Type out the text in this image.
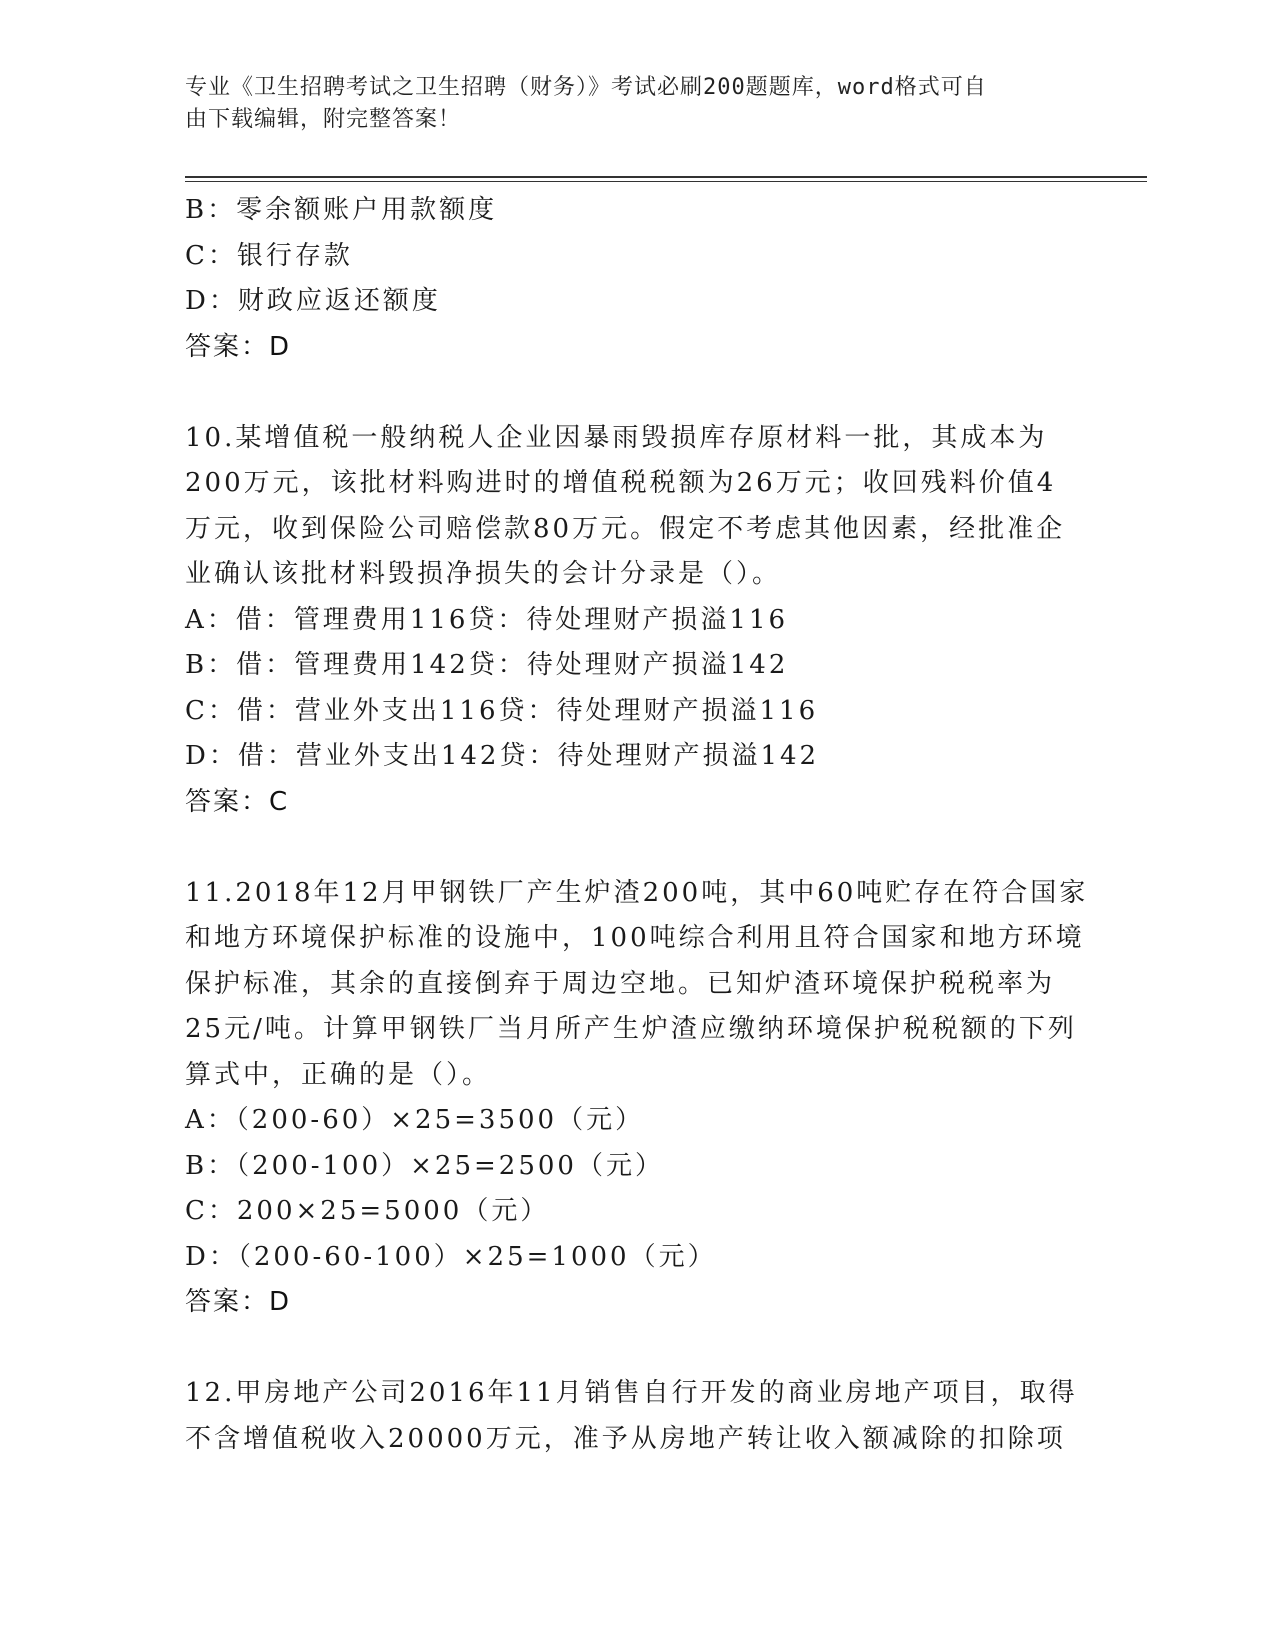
专业《卫生招聘考试之卫生招聘（财务）》考试必刷200题题库，word格式可自
由下载编辑，附完整答案！
B：零余额账户用款额度
C：银行存款
D：财政应返还额度
答案：D
10.某增值税一般纳税人企业因暴雨毁损库存原材料一批，其成本为
200万元，该批材料购进时的增值税税额为26万元；收回残料价值4
万元，收到保险公司赔偿款80万元。假定不考虑其他因素，经批准企
业确认该批材料毁损净损失的会计分录是（）。
A：借：管理费用116贷：待处理财产损溢116
B：借：管理费用142贷：待处理财产损溢142
C：借：营业外支出116贷：待处理财产损溢116
D：借：营业外支出142贷：待处理财产损溢142
答案：C
11.2018年12月甲钢铁厂产生炉渣200吨，其中60吨贮存在符合国家
和地方环境保护标准的设施中，100吨综合利用且符合国家和地方环境
保护标准，其余的直接倒弃于周边空地。已知炉渣环境保护税税率为
25元/吨。计算甲钢铁厂当月所产生炉渣应缴纳环境保护税税额的下列
算式中，正确的是（）。
A：（200-60）×25=3500（元）
B：（200-100）×25=2500（元）
C：200×25=5000（元）
D：（200-60-100）×25=1000（元）
答案：D
12.甲房地产公司2016年11月销售自行开发的商业房地产项目，取得
不含增值税收入20000万元，准予从房地产转让收入额减除的扣除项
